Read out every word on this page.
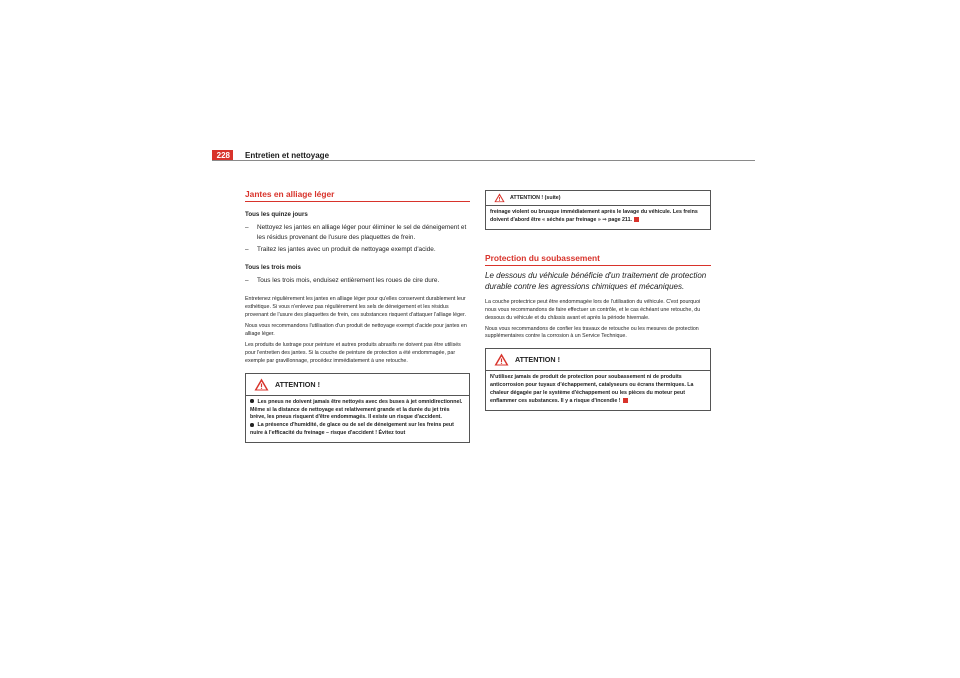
228	Entretien et nettoyage
Jantes en alliage léger
Tous les quinze jours
– Nettoyez les jantes en alliage léger pour éliminer le sel de déneigement et les résidus provenant de l'usure des plaquettes de frein.
– Traitez les jantes avec un produit de nettoyage exempt d'acide.
Tous les trois mois
– Tous les trois mois, enduisez entièrement les roues de cire dure.

Entretenez régulièrement les jantes en alliage léger pour qu'elles conservent durablement leur esthétique. Si vous n'enlevez pas régulièrement les sels de déneigement et les résidus provenant de l'usure des plaquettes de frein, ces substances risquent d'attaquer l'alliage léger.

Nous vous recommandons l'utilisation d'un produit de nettoyage exempt d'acide pour jantes en alliage léger.

Les produits de lustrage pour peinture et autres produits abrasifs ne doivent pas être utilisés pour l'entretien des jantes. Si la couche de peinture de protection a été endommagée, par exemple par gravillonnage, procédez immédiatement à une retouche.

ATTENTION !

Les pneus ne doivent jamais être nettoyés avec des buses à jet omnidirectionnel. Même si la distance de nettoyage est relativement grande et la durée du jet très brève, les pneus risquent d'être endommagés. Il existe un risque d'accident.

La présence d'humidité, de glace ou de sel de déneigement sur les freins peut nuire à l'efficacité du freinage – risque d'accident ! Évitez tout

ATTENTION ! (suite)

freinage violent ou brusque immédiatement après le lavage du véhicule. Les freins doivent d'abord être « séchés par freinage » ⇒ page 211.

Protection du soubassement

Le dessous du véhicule bénéficie d'un traitement de protection durable contre les agressions chimiques et mécaniques.

La couche protectrice peut être endommagée lors de l'utilisation du véhicule. C'est pourquoi nous vous recommandons de faire effectuer un contrôle, et le cas échéant une retouche, du dessous du véhicule et du châssis avant et après la période hivernale.

Nous vous recommandons de confier les travaux de retouche ou les mesures de protection supplémentaires contre la corrosion à un Service Technique.

ATTENTION !

N'utilisez jamais de produit de protection pour soubassement ni de produits anticorrosion pour tuyaux d'échappement, catalyseurs ou écrans thermiques. La chaleur dégagée par le système d'échappement ou les pièces du moteur peut enflammer ces substances. Il y a risque d'incendie !
